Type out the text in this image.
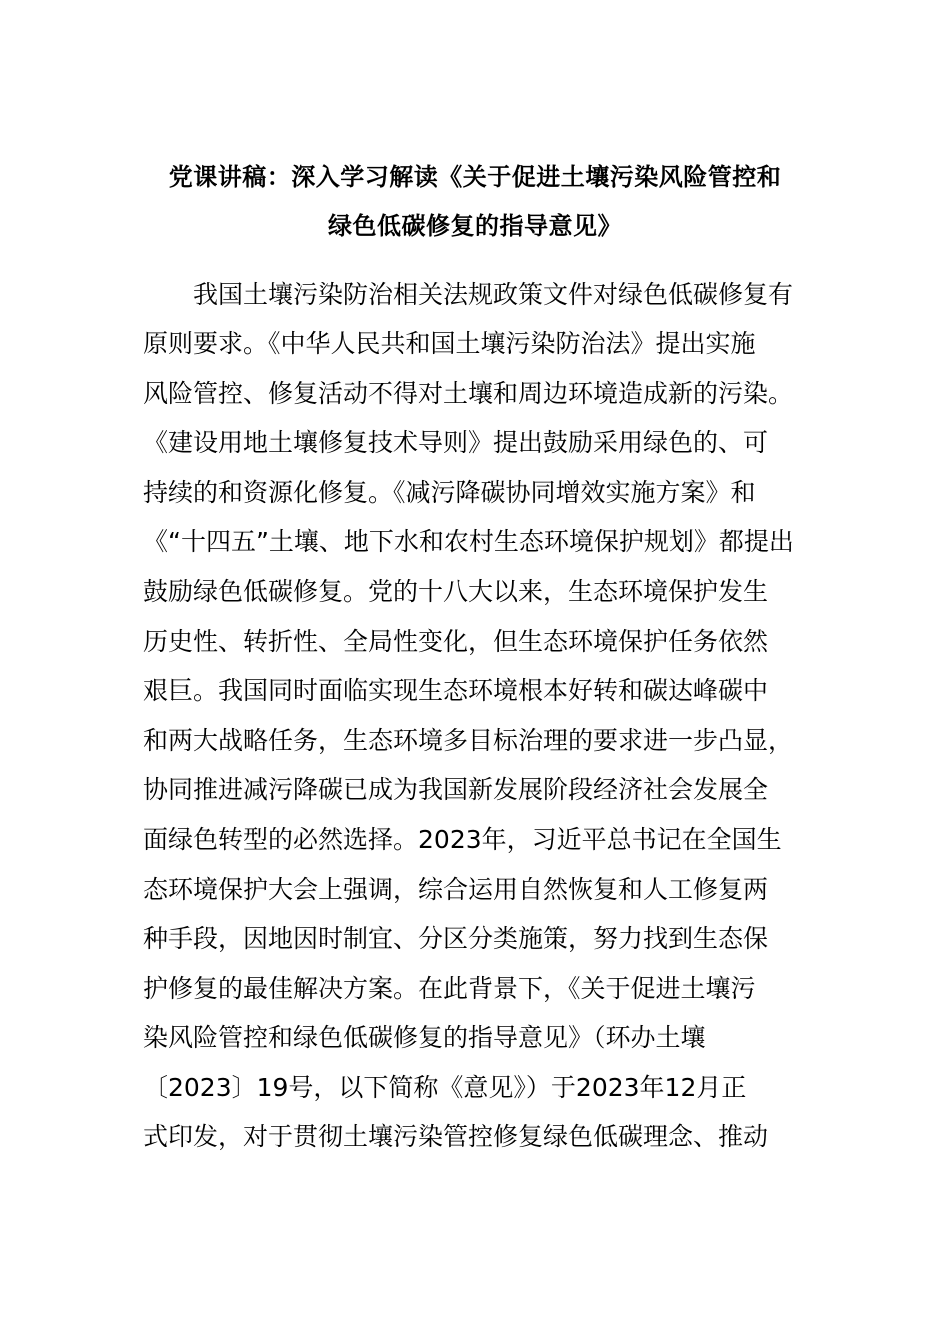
党课讲稿：深入学习解读《关于促进土壤污染风险管控和
绿色低碳修复的指导意见》
　　我国土壤污染防治相关法规政策文件对绿色低碳修复有
原则要求。《中华人民共和国土壤污染防治法》提出实施
风险管控、修复活动不得对土壤和周边环境造成新的污染。
《建设用地土壤修复技术导则》提出鼓励采用绿色的、可
持续的和资源化修复。《减污降碳协同增效实施方案》和
《“十四五”土壤、地下水和农村生态环境保护规划》都提出
鼓励绿色低碳修复。党的十八大以来，生态环境保护发生
历史性、转折性、全局性变化，但生态环境保护任务依然
艰巨。我国同时面临实现生态环境根本好转和碳达峰碳中
和两大战略任务，生态环境多目标治理的要求进一步凸显，
协同推进减污降碳已成为我国新发展阶段经济社会发展全
面绿色转型的必然选择。2023年，习近平总书记在全国生
态环境保护大会上强调，综合运用自然恢复和人工修复两
种手段，因地因时制宜、分区分类施策，努力找到生态保
护修复的最佳解决方案。在此背景下，《关于促进土壤污
染风险管控和绿色低碳修复的指导意见》（环办土壤
〔2023〕19号，以下简称《意见》）于2023年12月正
式印发，对于贯彻土壤污染管控修复绿色低碳理念、推动
